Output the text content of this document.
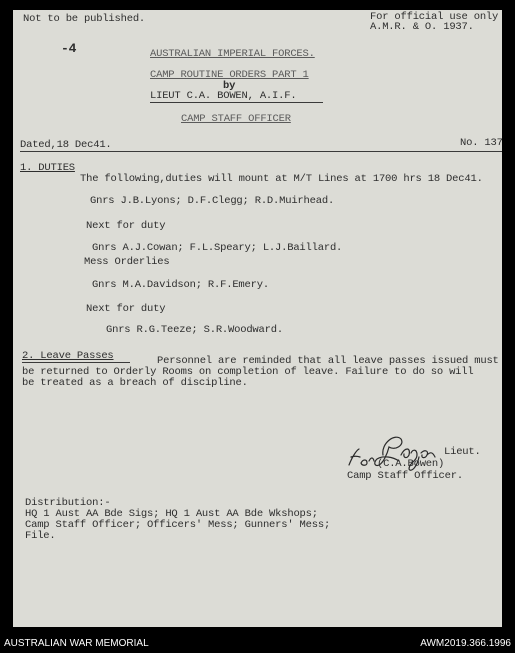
Not to be published.	For official use only
A.M.R. & O. 1937.
-4	AUSTRALIAN IMPERIAL FORCES.
CAMP ROUTINE ORDERS PART 1
by
LIEUT C.A. BOWEN, A.I.F.
CAMP STAFF OFFICER
Dated,18 Dec41.	No. 137
1. DUTIES
The following,duties will mount at M/T Lines at 1700 hrs 18 Dec41.
Gnrs J.B.Lyons; D.F.Clegg; R.D.Muirhead.
Next for duty
Gnrs A.J.Cowan; F.L.Speary; L.J.Baillard.
Mess Orderlies
Gnrs M.A.Davidson; R.F.Emery.
Next for duty
Gnrs R.G.Teeze; S.R.Woodward.
2. Leave Passes	Personnel are reminded that all leave passes issued must
be returned to Orderly Rooms on completion of leave. Failure to do so will
be treated as a breach of discipline.
Lieut.
(C.A.Bowen)
Camp Staff Officer.
Distribution:-
HQ 1 Aust AA Bde Sigs; HQ 1 Aust AA Bde Wkshops;
Camp Staff Officer; Officers' Mess; Gunners' Mess;
File.
AUSTRALIAN WAR MEMORIAL	AWM2019.366.1996
